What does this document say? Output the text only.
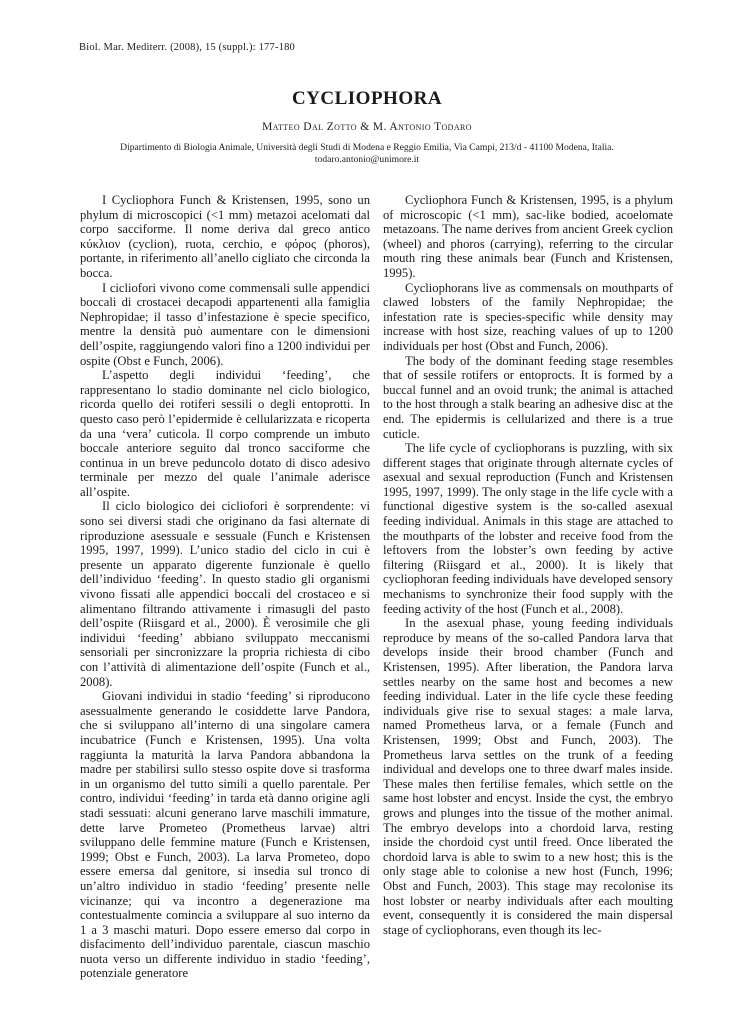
Biol. Mar. Mediterr. (2008), 15 (suppl.): 177-180
CYCLIOPHORA
Matteo Dal Zotto & M. Antonio Todaro
Dipartimento di Biologia Animale, Università degli Studi di Modena e Reggio Emilia, Via Campi, 213/d - 41100 Modena, Italia.
todaro.antonio@unimore.it

I Cycliophora Funch & Kristensen, 1995, sono un phylum di microscopici (<1 mm) metazoi acelomati dal corpo sacciforme. Il nome deriva dal greco antico κύκλιον (cyclion), ruota, cerchio, e φόρος (phoros), portante, in riferimento all’anello cigliato che circonda la bocca.

I cicliofori vivono come commensali sulle appendici boccali di crostacei decapodi appartenenti alla famiglia Nephropidae; il tasso d’infestazione è specie specifico, mentre la densità può aumentare con le dimensioni dell’ospite, raggiungendo valori fino a 1200 individui per ospite (Obst e Funch, 2006).

L’aspetto degli individui ‘feeding’, che rappresentano lo stadio dominante nel ciclo biologico, ricorda quello dei rotiferi sessili o degli entoprotti. In questo caso però l’epidermide è cellularizzata e ricoperta da una ‘vera’ cuticola. Il corpo comprende un imbuto boccale anteriore seguito dal tronco sacciforme che continua in un breve peduncolo dotato di disco adesivo terminale per mezzo del quale l’animale aderisce all’ospite.

Il ciclo biologico dei cicliofori è sorprendente: vi sono sei diversi stadi che originano da fasi alternate di riproduzione asessuale e sessuale (Funch e Kristensen 1995, 1997, 1999). L’unico stadio del ciclo in cui è presente un apparato digerente funzionale è quello dell’individuo ‘feeding’. In questo stadio gli organismi vivono fissati alle appendici boccali del crostaceo e si alimentano filtrando attivamente i rimasugli del pasto dell’ospite (Riisgard et al., 2000). È verosimile che gli individui ‘feeding’ abbiano sviluppato meccanismi sensoriali per sincronizzare la propria richiesta di cibo con l’attività di alimentazione dell’ospite (Funch et al., 2008).

Giovani individui in stadio ‘feeding’ si riproducono asessualmente generando le cosiddette larve Pandora, che si sviluppano all’interno di una singolare camera incubatrice (Funch e Kristensen, 1995). Una volta raggiunta la maturità la larva Pandora abbandona la madre per stabilirsi sullo stesso ospite dove si trasforma in un organismo del tutto simili a quello parentale. Per contro, individui ‘feeding’ in tarda età danno origine agli stadi sessuati: alcuni generano larve maschili immature, dette larve Prometeo (Prometheus larvae) altri sviluppano delle femmine mature (Funch e Kristensen, 1999; Obst e Funch, 2003). La larva Prometeo, dopo essere emersa dal genitore, si insedia sul tronco di un’altro individuo in stadio ‘feeding’ presente nelle vicinanze; qui va incontro a degenerazione ma contestualmente comincia a sviluppare al suo interno da 1 a 3 maschi maturi. Dopo essere emerso dal corpo in disfacimento dell’individuo parentale, ciascun maschio nuota verso un differente individuo in stadio ‘feeding’, potenziale generatore

Cycliophora Funch & Kristensen, 1995, is a phylum of microscopic (<1 mm), sac-like bodied, acoelomate metazoans. The name derives from ancient Greek cyclion (wheel) and phoros (carrying), referring to the circular mouth ring these animals bear (Funch and Kristensen, 1995).

Cycliophorans live as commensals on mouthparts of clawed lobsters of the family Nephropidae; the infestation rate is species-specific while density may increase with host size, reaching values of up to 1200 individuals per host (Obst and Funch, 2006).

The body of the dominant feeding stage resembles that of sessile rotifers or entoprocts. It is formed by a buccal funnel and an ovoid trunk; the animal is attached to the host through a stalk bearing an adhesive disc at the end. The epidermis is cellularized and there is a true cuticle.

The life cycle of cycliophorans is puzzling, with six different stages that originate through alternate cycles of asexual and sexual reproduction (Funch and Kristensen 1995, 1997, 1999). The only stage in the life cycle with a functional digestive system is the so-called asexual feeding individual. Animals in this stage are attached to the mouthparts of the lobster and receive food from the leftovers from the lobster’s own feeding by active filtering (Riisgard et al., 2000). It is likely that cycliophoran feeding individuals have developed sensory mechanisms to synchronize their food supply with the feeding activity of the host (Funch et al., 2008).

In the asexual phase, young feeding individuals reproduce by means of the so-called Pandora larva that develops inside their brood chamber (Funch and Kristensen, 1995). After liberation, the Pandora larva settles nearby on the same host and becomes a new feeding individual. Later in the life cycle these feeding individuals give rise to sexual stages: a male larva, named Prometheus larva, or a female (Funch and Kristensen, 1999; Obst and Funch, 2003). The Prometheus larva settles on the trunk of a feeding individual and develops one to three dwarf males inside. These males then fertilise females, which settle on the same host lobster and encyst. Inside the cyst, the embryo grows and plunges into the tissue of the mother animal. The embryo develops into a chordoid larva, resting inside the chordoid cyst until freed. Once liberated the chordoid larva is able to swim to a new host; this is the only stage able to colonise a new host (Funch, 1996; Obst and Funch, 2003). This stage may recolonise its host lobster or nearby individuals after each moulting event, consequently it is considered the main dispersal stage of cycliophorans, even though its lec-
